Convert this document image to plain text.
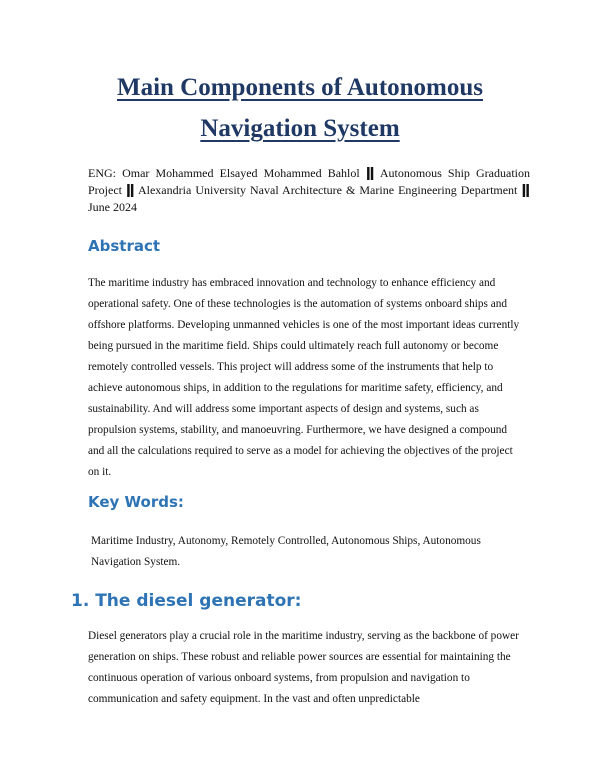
Main Components of Autonomous
Navigation System

ENG: Omar Mohammed Elsayed Mohammed Bahlol ǁ Autonomous Ship Graduation Project ǁ Alexandria University Naval Architecture & Marine Engineering Department ǁ June 2024

Abstract

The maritime industry has embraced innovation and technology to enhance efficiency and operational safety. One of these technologies is the automation of systems onboard ships and offshore platforms. Developing unmanned vehicles is one of the most important ideas currently being pursued in the maritime field. Ships could ultimately reach full autonomy or become remotely controlled vessels. This project will address some of the instruments that help to achieve autonomous ships, in addition to the regulations for maritime safety, efficiency, and sustainability. And will address some important aspects of design and systems, such as propulsion systems, stability, and manoeuvring. Furthermore, we have designed a compound and all the calculations required to serve as a model for achieving the objectives of the project on it.

Key Words:

Maritime Industry, Autonomy, Remotely Controlled, Autonomous Ships, Autonomous Navigation System.

1. The diesel generator:

Diesel generators play a crucial role in the maritime industry, serving as the backbone of power generation on ships. These robust and reliable power sources are essential for maintaining the continuous operation of various onboard systems, from propulsion and navigation to communication and safety equipment. In the vast and often unpredictable
